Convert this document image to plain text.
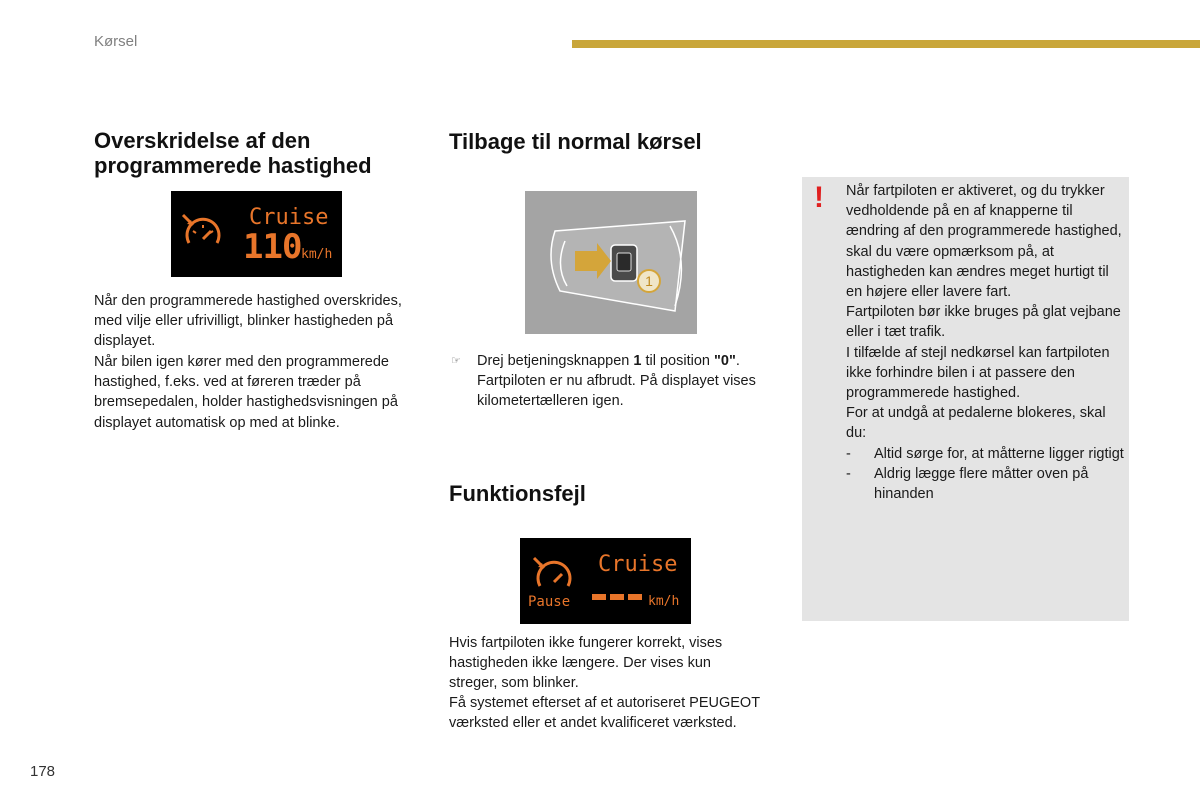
Kørsel
Overskridelse af den
programmerede hastighed
Cruise
110 km/h

Når den programmerede hastighed overskrides, med vilje eller ufrivilligt, blinker hastigheden på displayet.

Når bilen igen kører med den programmerede hastighed, f.eks. ved at føreren træder på bremsepedalen, holder hastighedsvisningen på displayet automatisk op med at blinke.

Tilbage til normal kørsel
1
☞ Drej betjeningsknappen 1 til position "0". Fartpiloten er nu afbrudt. På displayet vises kilometertælleren igen.

Funktionsfejl
Pause
Cruise
km/h

Hvis fartpiloten ikke fungerer korrekt, vises hastigheden ikke længere. Der vises kun streger, som blinker.

Få systemet efterset af et autoriseret PEUGEOT værksted eller et andet kvalificeret værksted.

! Når fartpiloten er aktiveret, og du trykker vedholdende på en af knapperne til ændring af den programmerede hastighed, skal du være opmærksom på, at hastigheden kan ændres meget hurtigt til en højere eller lavere fart.
Fartpiloten bør ikke bruges på glat vejbane eller i tæt trafik.
I tilfælde af stejl nedkørsel kan fartpiloten ikke forhindre bilen i at passere den programmerede hastighed.
For at undgå at pedalerne blokeres, skal du:
- Altid sørge for, at måtterne ligger rigtigt
- Aldrig lægge flere måtter oven på hinanden
178
